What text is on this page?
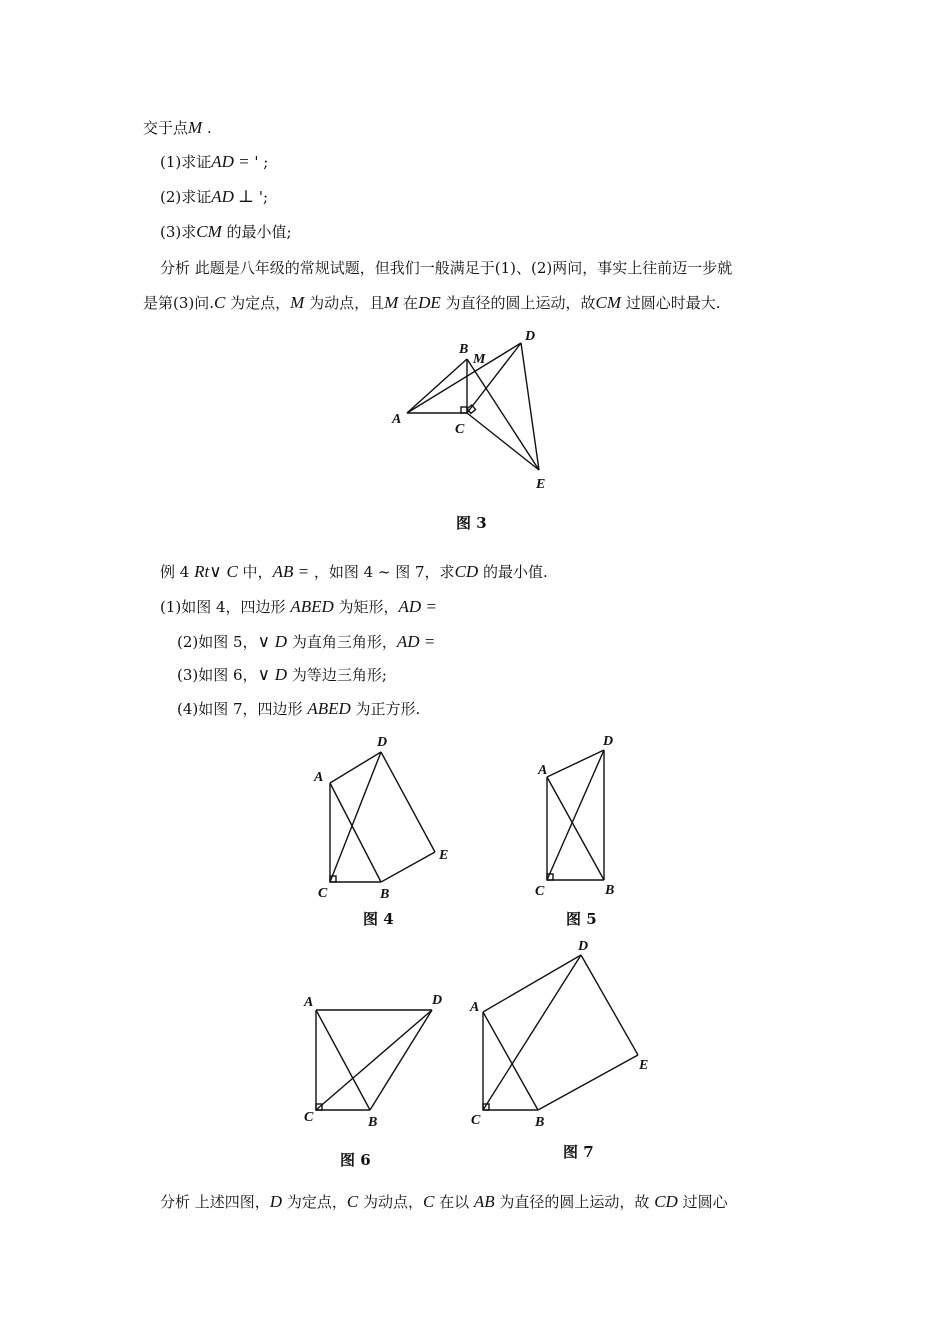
交于点M .
(1)求证AD = ' ;
(2)求证AD ⊥ ';
(3)求CM 的最小值;
分析 此题是八年级的常规试题，但我们一般满足于(1)、(2)两问，事实上往前迈一步就
是第(3)问.C 为定点，M 为动点，且M 在DE 为直径的圆上运动，故CM 过圆心时最大.
A
B
M
C
D
E
图 3
例 4 Rt∨ C 中，AB = ，如图 4 ~ 图 7，求CD 的最小值.
(1)如图 4，四边形 ABED 为矩形，AD =
(2)如图 5，∨ D 为直角三角形，AD =
(3)如图 6，∨ D 为等边三角形;
(4)如图 7，四边形 ABED 为正方形.
A
D
E
C	B
图 4
A
D
C	B
图 5
A	D
C	B
图 6
A
D
E
C	B
图 7
分析 上述四图，D 为定点，C 为动点，C 在以 AB 为直径的圆上运动，故 CD 过圆心
